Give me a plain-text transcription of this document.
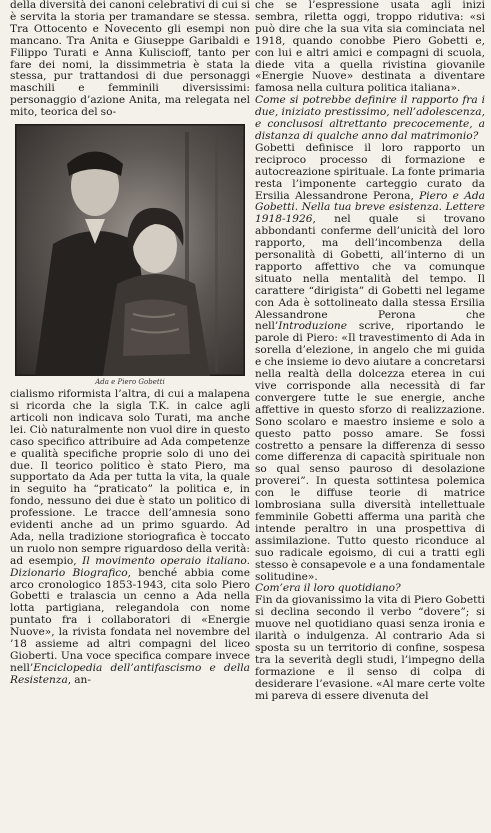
della diversità dei canoni celebrativi di cui si è servita la storia per tramandare se stessa. Tra Ottocento e Novecento gli esempi non mancano. Tra Anita e Giuseppe Garibaldi e Filippo Turati e Anna Kuliscioff, tanto per fare dei nomi, la dissimmetria è stata la stessa, pur trattandosi di due personaggi maschili e femminili diversissimi: personaggio d’azione Anita, ma relegata nel mito, teorica del so-

Ada e Piero Gobetti

cialismo riformista l’altra, di cui a malapena si ricorda che la sigla T.K. in calce agli articoli non indicava solo Turati, ma anche lei. Ciò naturalmente non vuol dire in questo caso specifico attribuire ad Ada competenze e qualità specifiche proprie solo di uno dei due. Il teorico politico è stato Piero, ma supportato da Ada per tutta la vita, la quale in seguito ha “praticato” la politica e, in fondo, nessuno dei due è stato un politico di professione. Le tracce dell’amnesia sono evidenti anche ad un primo sguardo. Ad Ada, nella tradizione storiografica è toccato un ruolo non sempre riguardoso della verità: ad esempio, Il movimento operaio italiano. Dizionario Biografico, benché abbia come arco cronologico 1853-1943, cita solo Piero Gobetti e tralascia un cenno a Ada nella lotta partigiana, relegandola con nome puntato fra i collaboratori di «Energie Nuove», la rivista fondata nel novembre del ’18 assieme ad altri compagni del liceo Gioberti. Una voce specifica compare invece nell’Enciclopedia dell’antifascismo e della Resistenza, an-

che se l’espressione usata agli inizi sembra, riletta oggi, troppo ridutiva: «si può dire che la sua vita sia cominciata nel 1918, quando conobbe Piero Gobetti e, con lui e altri amici e compagni di scuola, diede vita a quella rivistina giovanile «Energie Nuove» destinata a diventare famosa nella cultura politica italiana».

Come si potrebbe definire il rapporto fra i due, iniziato prestissimo, nell’adolescenza, e conclusosi altrettanto precocemente, a distanza di qualche anno dal matrimonio?

Gobetti definisce il loro rapporto un reciproco processo di formazione e autocreazione spirituale. La fonte primaria resta l’imponente carteggio curato da Ersilia Alessandrone Perona, Piero e Ada Gobetti. Nella tua breve esistenza. Lettere 1918-1926, nel quale si trovano abbondanti conferme dell’unicità del loro rapporto, ma dell’incombenza della personalità di Gobetti, all’interno di un rapporto affettivo che va comunque situato nella mentalità del tempo. Il carattere “dirigista” di Gobetti nel legame con Ada è sottolineato dalla stessa Ersilia Alessandrone Perona che nell’Introduzione scrive, riportando le parole di Piero: «Il travestimento di Ada in sorella d’elezione, in angelo che mi guida e che insieme io devo aiutare a concretarsi nella realtà della dolcezza eterea in cui vive corrisponde alla necessità di far convergere tutte le sue energie, anche affettive in questo sforzo di realizzazione. Sono scolaro e maestro insieme e solo a questo patto posso amare. Se fossi costretto a pensare la differenza di sesso come differenza di capacità spirituale non so qual senso pauroso di desolazione proverei”. In questa sottintesa polemica con le diffuse teorie di matrice lombrosiana sulla diversità intellettuale femminile Gobetti afferma una parità che intende peraltro in una prospettiva di assimilazione. Tutto questo riconduce al suo radicale egoismo, di cui a tratti egli stesso è consapevole e a una fondamentale solitudine».

Com’era il loro quotidiano?

Fin da giovanissimo la vita di Piero Gobetti si declina secondo il verbo “dovere”; si muove nel quotidiano quasi senza ironia e ilarità o indulgenza. Al contrario Ada si sposta su un territorio di confine, sospesa tra la severità degli studi, l’impegno della formazione e il senso di colpa di desiderare l’evasione. «Al mare certe volte mi pareva di essere divenuta del
